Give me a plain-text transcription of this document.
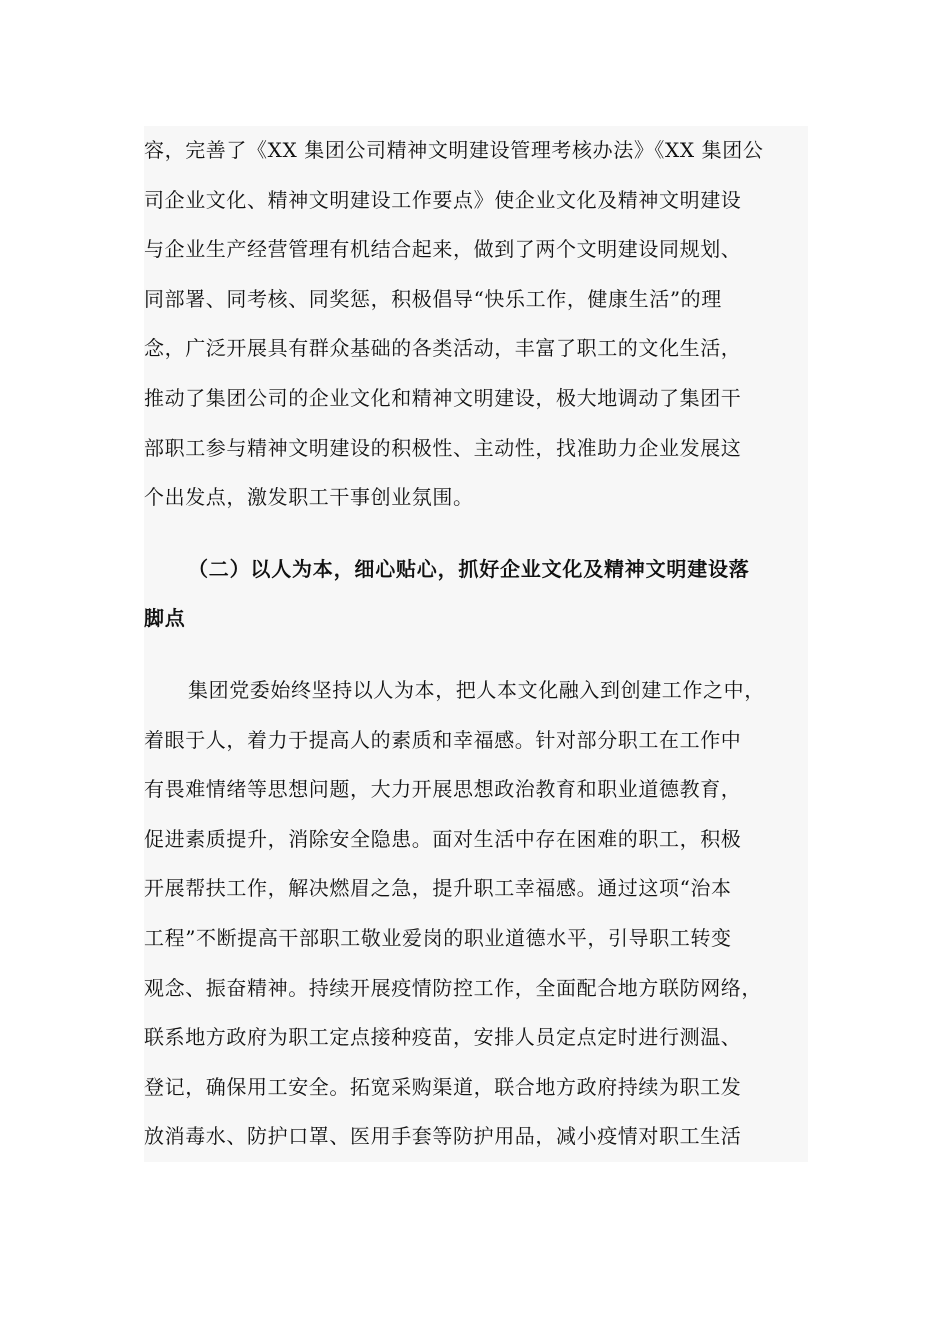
容，完善了《XX 集团公司精神文明建设管理考核办法》《XX 集团公
司企业文化、精神文明建设工作要点》使企业文化及精神文明建设
与企业生产经营管理有机结合起来，做到了两个文明建设同规划、
同部署、同考核、同奖惩，积极倡导“快乐工作，健康生活”的理
念，广泛开展具有群众基础的各类活动，丰富了职工的文化生活，
推动了集团公司的企业文化和精神文明建设，极大地调动了集团干
部职工参与精神文明建设的积极性、主动性，找准助力企业发展这
个出发点，激发职工干事创业氛围。
（二）以人为本，细心贴心，抓好企业文化及精神文明建设落
脚点
集团党委始终坚持以人为本，把人本文化融入到创建工作之中，
着眼于人，着力于提高人的素质和幸福感。针对部分职工在工作中
有畏难情绪等思想问题，大力开展思想政治教育和职业道德教育，
促进素质提升，消除安全隐患。面对生活中存在困难的职工，积极
开展帮扶工作，解决燃眉之急，提升职工幸福感。通过这项“治本
工程”不断提高干部职工敬业爱岗的职业道德水平，引导职工转变
观念、振奋精神。持续开展疫情防控工作，全面配合地方联防网络，
联系地方政府为职工定点接种疫苗，安排人员定点定时进行测温、
登记，确保用工安全。拓宽采购渠道，联合地方政府持续为职工发
放消毒水、防护口罩、医用手套等防护用品，减小疫情对职工生活
